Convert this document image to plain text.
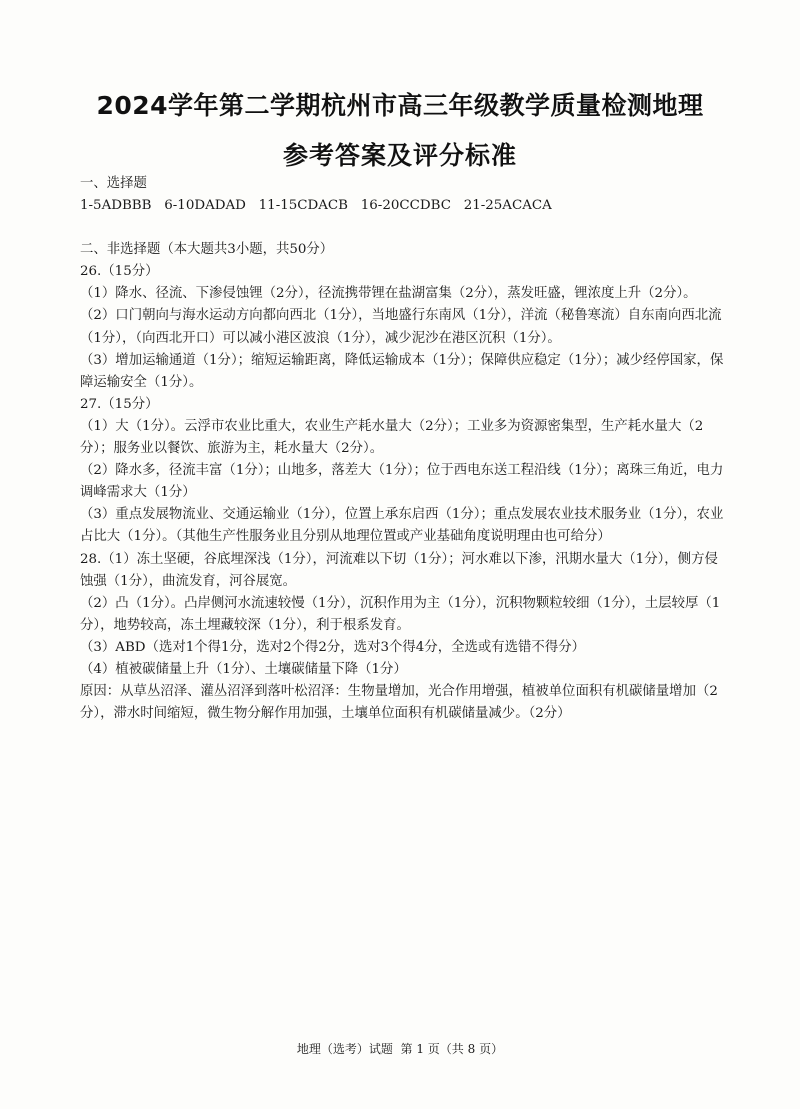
2024学年第二学期杭州市高三年级教学质量检测地理
参考答案及评分标准

一、选择题

1-5ADBBB   6-10DADAD   11-15CDACB   16-20CCDBC   21-25ACACA

二、非选择题（本大题共3小题，共50分）

26.（15分）

（1）降水、径流、下渗侵蚀锂（2分），径流携带锂在盐湖富集（2分），蒸发旺盛，锂浓度上升（2分）。

（2）口门朝向与海水运动方向都向西北（1分），当地盛行东南风（1分），洋流（秘鲁寒流）自东南向西北流（1分），（向西北开口）可以减小港区波浪（1分），减少泥沙在港区沉积（1分）。

（3）增加运输通道（1分）；缩短运输距离，降低运输成本（1分）；保障供应稳定（1分）；减少经停国家，保障运输安全（1分）。

27.（15分）

（1）大（1分）。云浮市农业比重大，农业生产耗水量大（2分）；工业多为资源密集型，生产耗水量大（2分）；服务业以餐饮、旅游为主，耗水量大（2分）。

（2）降水多，径流丰富（1分）；山地多，落差大（1分）；位于西电东送工程沿线（1分）；离珠三角近，电力调峰需求大（1分）

（3）重点发展物流业、交通运输业（1分），位置上承东启西（1分）；重点发展农业技术服务业（1分），农业占比大（1分）。（其他生产性服务业且分别从地理位置或产业基础角度说明理由也可给分）

28.（1）冻土坚硬，谷底埋深浅（1分），河流难以下切（1分）；河水难以下渗，汛期水量大（1分），侧方侵蚀强（1分），曲流发育，河谷展宽。

（2）凸（1分）。凸岸侧河水流速较慢（1分），沉积作用为主（1分），沉积物颗粒较细（1分），土层较厚（1分），地势较高，冻土埋藏较深（1分），利于根系发育。

（3）ABD（选对1个得1分，选对2个得2分，选对3个得4分，全选或有选错不得分）

（4）植被碳储量上升（1分）、土壤碳储量下降（1分）

原因：从草丛沼泽、灌丛沼泽到落叶松沼泽：生物量增加，光合作用增强，植被单位面积有机碳储量增加（2分），滞水时间缩短，微生物分解作用加强，土壤单位面积有机碳储量减少。（2分）

地理（选考）试题  第 1 页（共 8 页）
